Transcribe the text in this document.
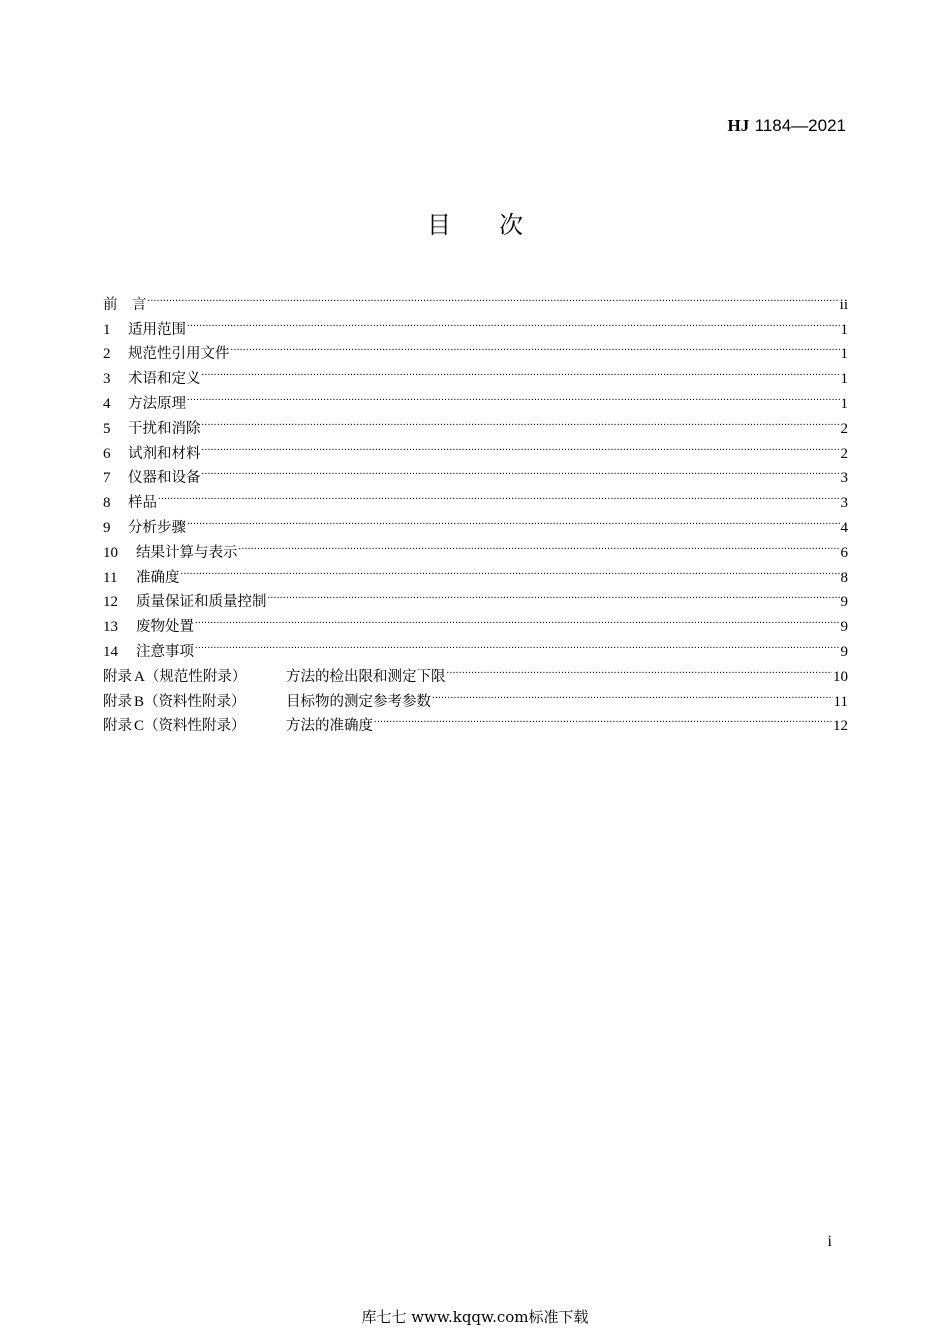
HJ 1184—2021
目次
前　言 .....	ii
1	适用范围 .....	1
2	规范性引用文件 .....	1
3	术语和定义 .....	1
4	方法原理 .....	1
5	干扰和消除 .....	2
6	试剂和材料 .....	2
7	仪器和设备 .....	3
8	样品 .....	3
9	分析步骤 .....	4
10	结果计算与表示 .....	6
11	准确度 .....	8
12	质量保证和质量控制 .....	9
13	废物处置 .....	9
14	注意事项 .....	9
附录 A（规范性附录）	方法的检出限和测定下限 .....	10
附录 B（资料性附录）	目标物的测定参考参数 .....	11
附录 C（资料性附录）	方法的准确度 .....	12
i
库七七 www.kqqw.com标准下载
